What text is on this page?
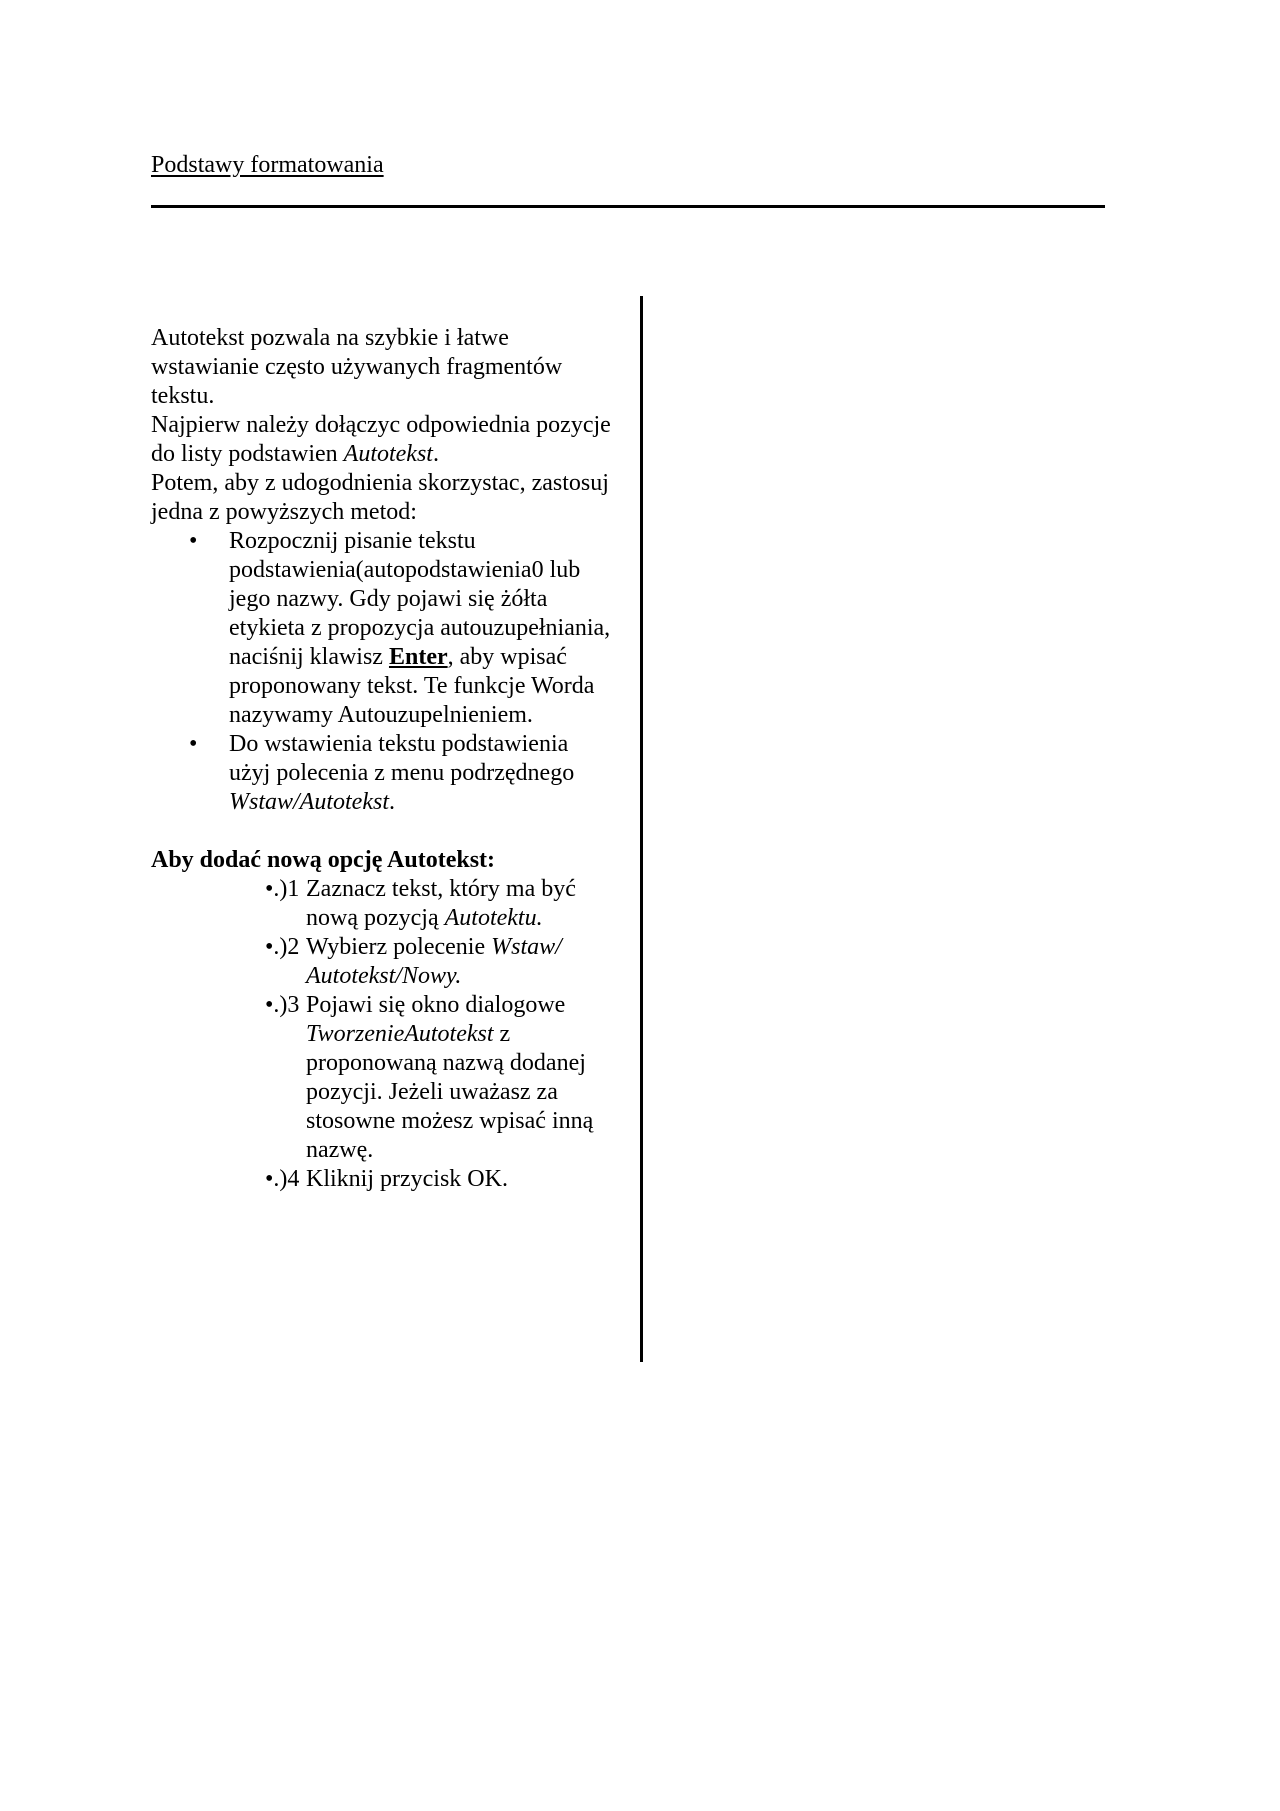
Podstawy formatowania

Autotekst pozwala na szybkie i łatwe wstawianie często używanych fragmentów tekstu.

Najpierw należy dołączyc odpowiednia pozycje do listy podstawien Autotekst.

Potem, aby z udogodnienia skorzystac, zastosuj jedna z powyższych metod:

• Rozpocznij pisanie tekstu podstawienia(autopodstawienia0 lub jego nazwy. Gdy pojawi się żółta etykieta z propozycja autouzupełniania, naciśnij klawisz Enter, aby wpisać proponowany tekst. Te funkcje Worda nazywamy Autouzupelnieniem.
• Do wstawienia tekstu podstawienia użyj polecenia z menu podrzędnego Wstaw/Autotekst.

Aby dodać nową opcję Autotekst:

•.)1 Zaznacz tekst, który ma być nową pozycją Autotektu.
•.)2 Wybierz polecenie Wstaw/ Autotekst/Nowy.
•.)3 Pojawi się okno dialogowe TworzenieAutotekst z proponowaną nazwą dodanej pozycji. Jeżeli uważasz za stosowne możesz wpisać inną nazwę.
•.)4 Kliknij przycisk OK.
